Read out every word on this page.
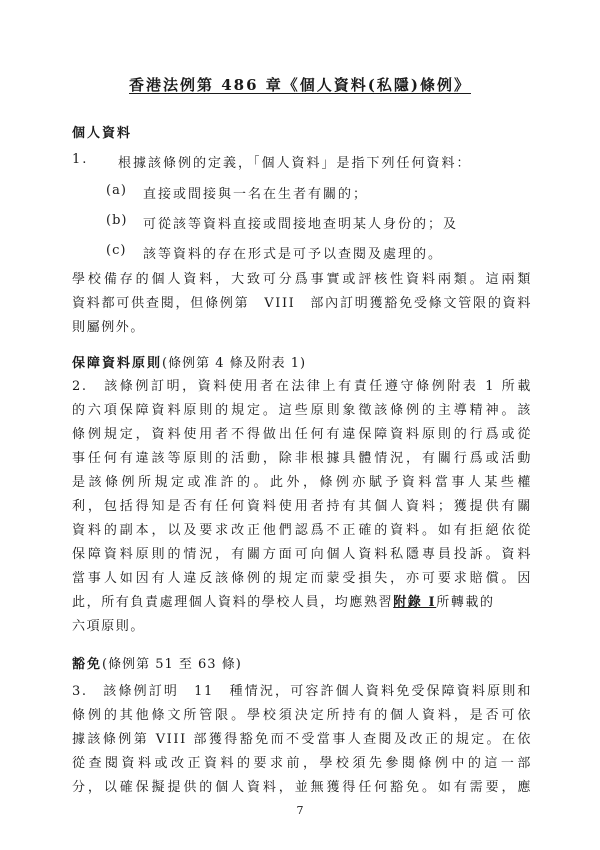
香港法例第 486 章《個人資料(私隱)條例》
個人資料
1. 根據該條例的定義，「個人資料」是指下列任何資料：
(a) 直接或間接與一名在生者有關的；
(b) 可從該等資料直接或間接地查明某人身份的；及
(c) 該等資料的存在形式是可予以查閱及處理的。
學校備存的個人資料，大致可分爲事實或評核性資料兩類。這兩類
資料都可供查閱，但條例第　VIII　部內訂明獲豁免受條文管限的資料
則屬例外。
保障資料原則(條例第 4 條及附表 1)
2.　該條例訂明，資料使用者在法律上有責任遵守條例附表 1 所載
的六項保障資料原則的規定。這些原則象徵該條例的主導精神。該
條例規定，資料使用者不得做出任何有違保障資料原則的行爲或從
事任何有違該等原則的活動，除非根據具體情況，有關行爲或活動
是該條例所規定或准許的。此外，條例亦賦予資料當事人某些權
利，包括得知是否有任何資料使用者持有其個人資料；獲提供有關
資料的副本，以及要求改正他們認爲不正確的資料。如有拒絕依從
保障資料原則的情況，有關方面可向個人資料私隱專員投訴。資料
當事人如因有人違反該條例的規定而蒙受損失，亦可要求賠償。因
此，所有負責處理個人資料的學校人員，均應熟習附錄 I所轉載的
六項原則。
豁免(條例第 51 至 63 條)
3.　該條例訂明　11　種情況，可容許個人資料免受保障資料原則和
條例的其他條文所管限。學校須決定所持有的個人資料，是否可依
據該條例第 VIII 部獲得豁免而不受當事人查閱及改正的規定。在依
從查閱資料或改正資料的要求前，學校須先參閱條例中的這一部
分，以確保擬提供的個人資料，並無獲得任何豁免。如有需要，應
7
